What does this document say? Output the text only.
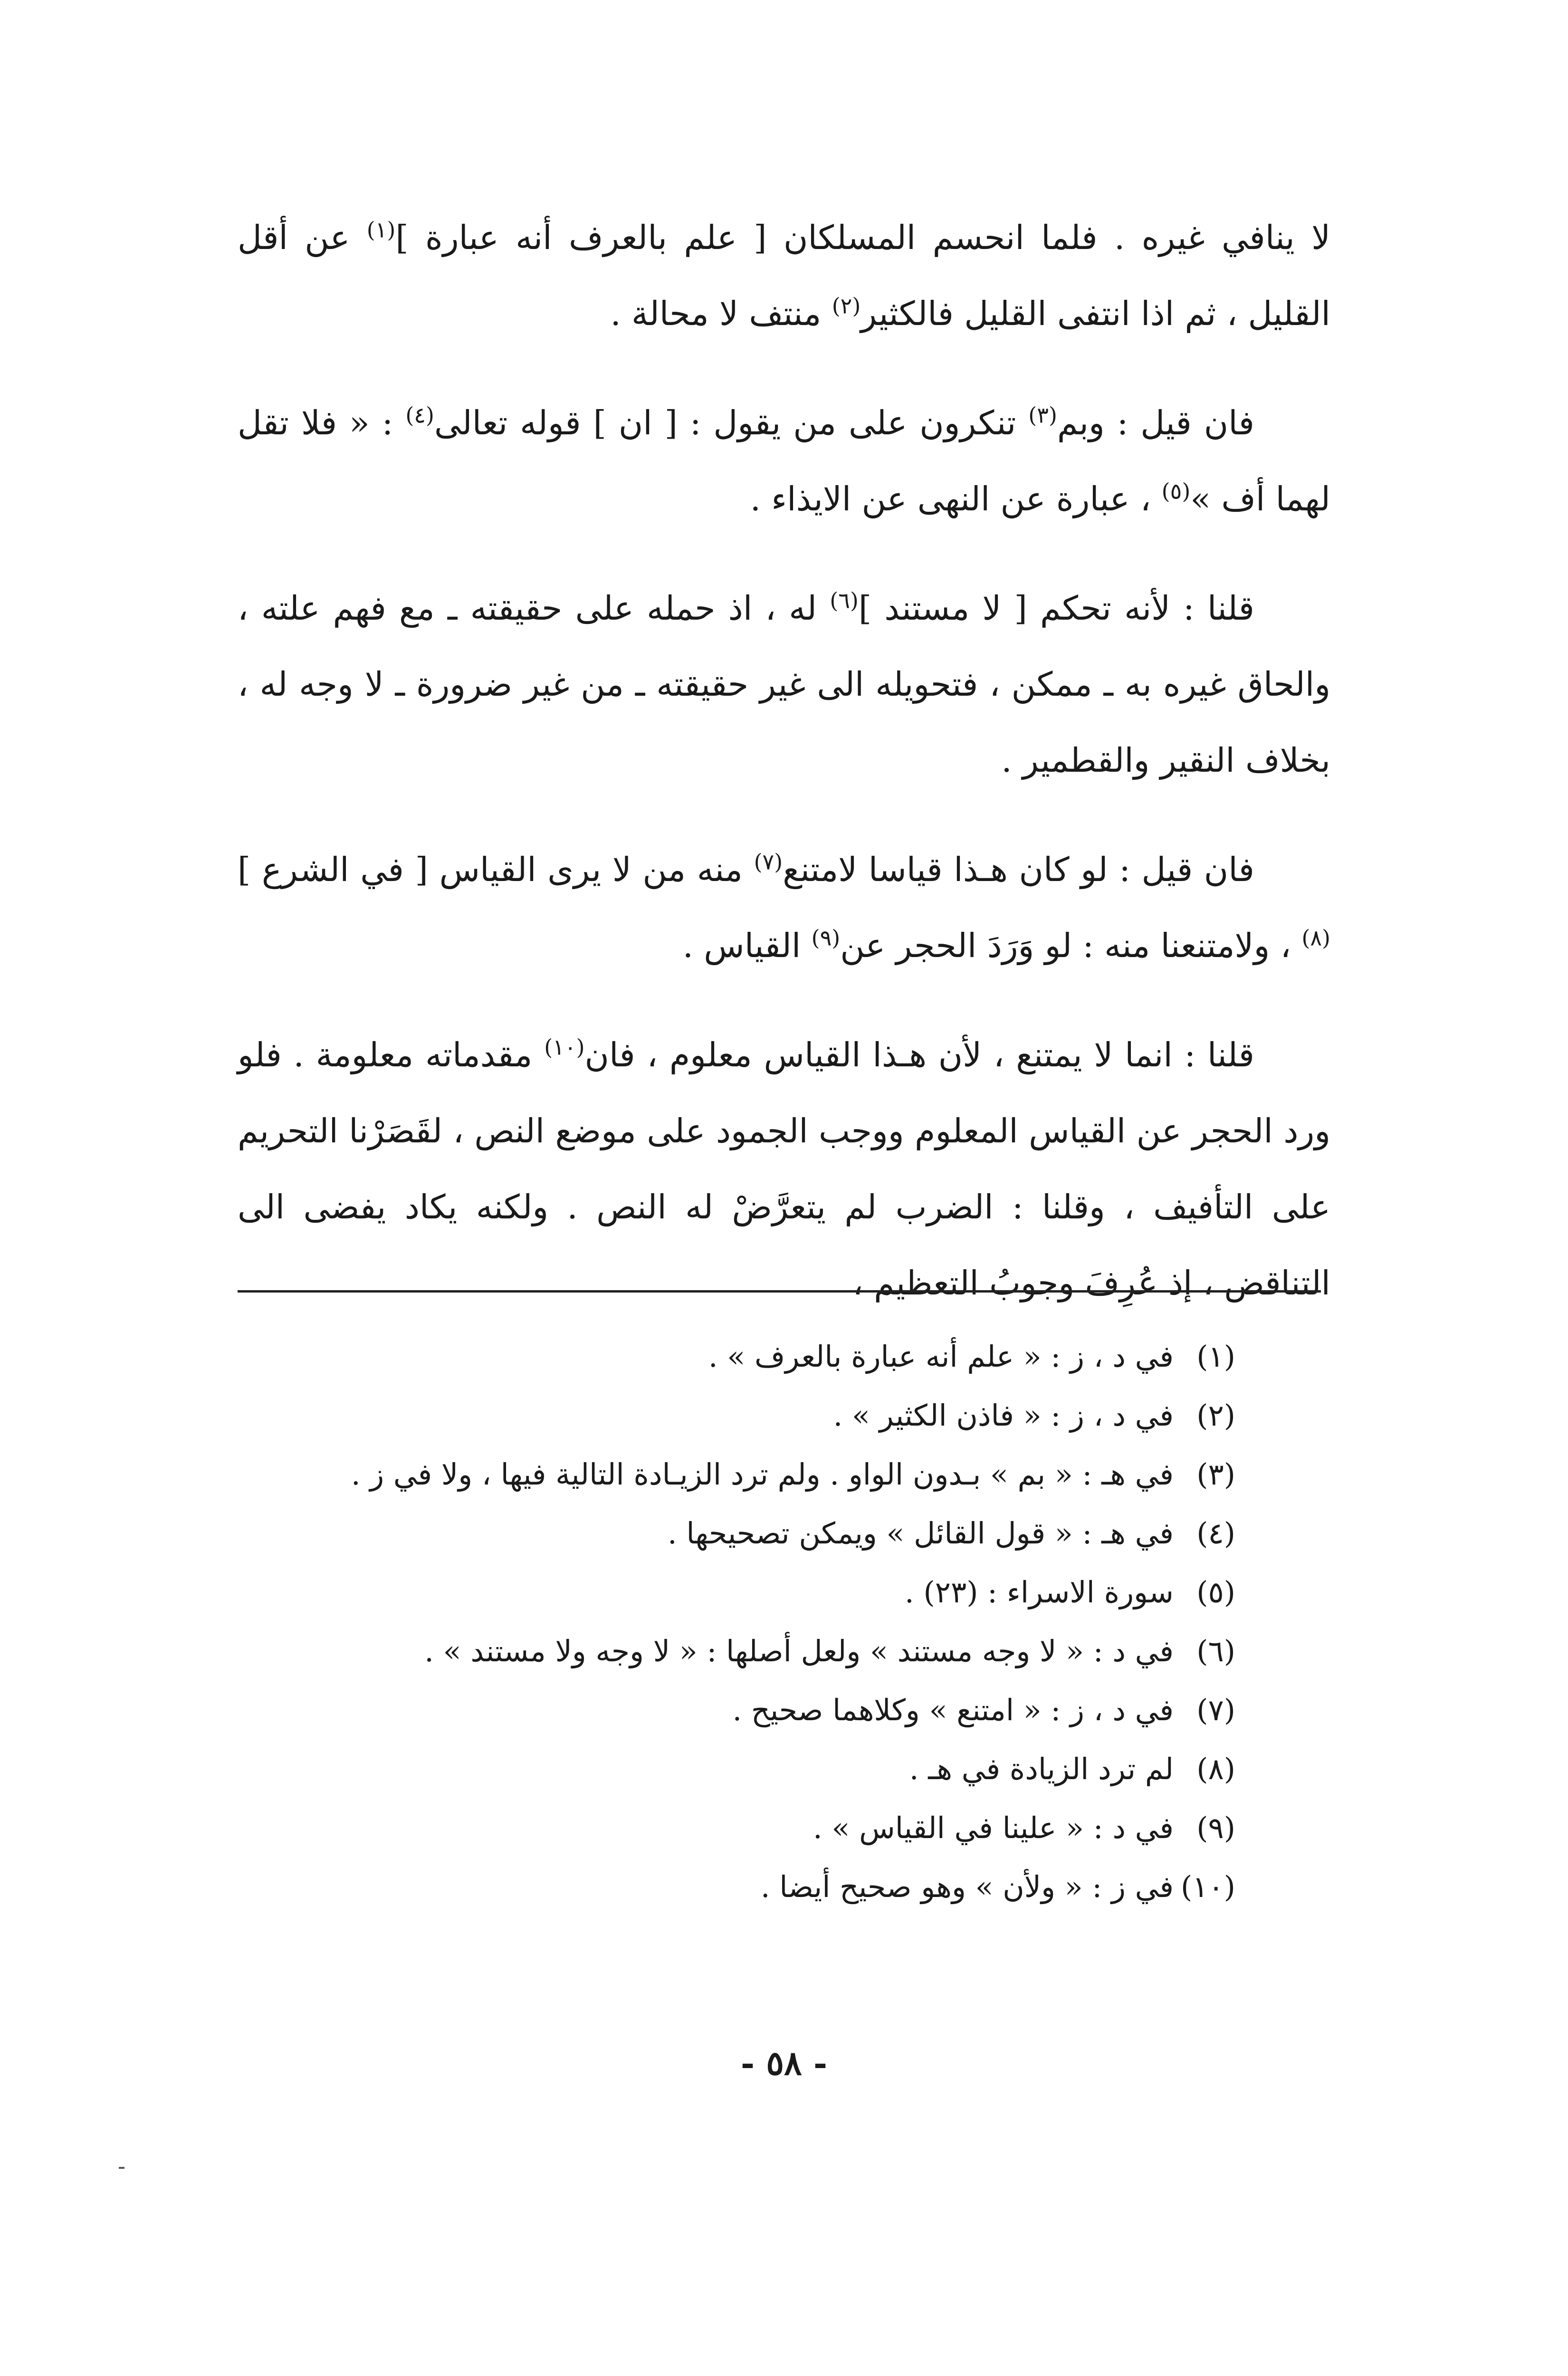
لا ينافي غيره . فلما انحسم المسلكان [ علم بالعرف أنه عبارة ]$^{(١)}$ عن أقل القليل ، ثم اذا انتفى القليل فالكثير$^{(٢)}$ منتف لا محالة .

فان قيل : وبم$^{(٣)}$ تنكرون على من يقول : [ ان ] قوله تعالى$^{(٤)}$ : « فلا تقل لهما أف »$^{(٥)}$ ، عبارة عن النهى عن الايذاء .

قلنا : لأنه تحكم [ لا مستند ]$^{(٦)}$ له ، اذ حمله على حقيقته ـ مع فهم علته ، والحاق غيره به ـ ممكن ، فتحويله الى غير حقيقته ـ من غير ضرورة ـ لا وجه له ، بخلاف النقير والقطمير .

فان قيل : لو كان هـذا قياسا لامتنع$^{(٧)}$ منه من لا يرى القياس [ في الشرع ]$^{(٨)}$ ، ولامتنعنا منه : لو وَرَدَ الحجر عن$^{(٩)}$ القياس .

قلنا : انما لا يمتنع ، لأن هـذا القياس معلوم ، فان$^{(١٠)}$ مقدماته معلومة . فلو ورد الحجر عن القياس المعلوم ووجب الجمود على موضع النص ، لقَصَرْنا التحريم على التأفيف ، وقلنا : الضرب لم يتعرَّضْ له النص . ولكنه يكاد يفضى الى التناقض ، إذ عُرِفَ وجوبُ التعظيم ،

(١)في د ، ز : « علم أنه عبارة بالعرف » .
(٢)في د ، ز : « فاذن الكثير » .
(٣)في هـ : « بم » بـدون الواو . ولم ترد الزيـادة التالية فيها ، ولا في ز .
(٤)في هـ : « قول القائل » ويمكن تصحيحها .
(٥)سورة الاسراء : (٢٣) .
(٦)في د : « لا وجه مستند » ولعل أصلها : « لا وجه ولا مستند » .
(٧)في د ، ز : « امتنع » وكلاهما صحيح .
(٨)لم ترد الزيادة في هـ .
(٩)في د : « علينا في القياس » .
(١٠)في ز : « ولأن » وهو صحيح أيضا .
- ٥٨ -
